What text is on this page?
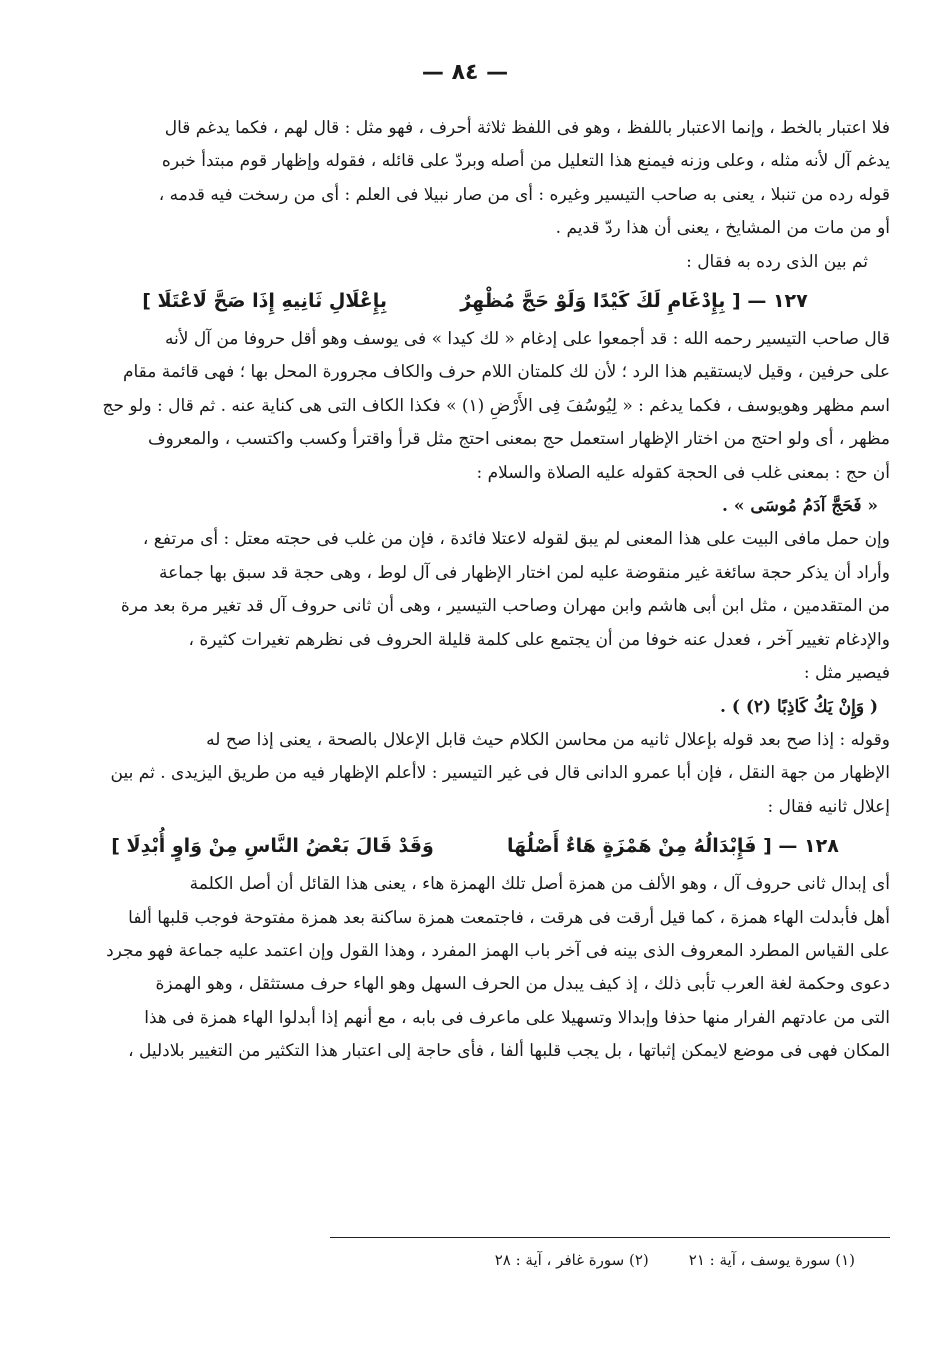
— ٨٤ —

فلا اعتبار بالخط ، وإنما الاعتبار باللفظ ، وهو فى اللفظ ثلاثة أحرف ، فهو مثل : قال لهم ، فكما يدغم قال

يدغم آل لأنه مثله ، وعلى وزنه فيمنع هذا التعليل من أصله وبردّ على قائله ، فقوله وإظهار قوم مبتدأ خبره

قوله رده من تنبلا ، يعنى به صاحب التيسير وغيره : أى من صار نبيلا فى العلم : أى من رسخت فيه قدمه ،

أو من مات من المشايخ ، يعنى أن هذا ردّ قديم .

ثم بين الذى رده به فقال :

١٢٧ — [ بِإِدْغَامِ لَكَ كَيْدًا وَلَوْ حَجَّ مُظْهِرٌ  بِإِعْلَالِ ثَانِيهِ إِذَا صَحَّ لَاعْتَلَا ]

قال صاحب التيسير رحمه الله : قد أجمعوا على إدغام « لك كيدا » فى يوسف وهو أقل حروفا من آل لأنه

على حرفين ، وقيل لايستقيم هذا الرد ؛ لأن لك كلمتان اللام حرف والكاف مجرورة المحل بها ؛ فهى قائمة مقام

اسم مظهر وهويوسف ، فكما يدغم : « لِيُوسُفَ فِى الأَرْضِ (١) » فكذا الكاف التى هى كناية عنه . ثم قال : ولو حج

مظهر ، أى ولو احتج من اختار الإظهار استعمل حج بمعنى احتج مثل قرأ واقترأ وكسب واكتسب ، والمعروف

أن حج : بمعنى غلب فى الحجة كقوله عليه الصلاة والسلام :

« فَحَجَّ آدَمُ مُوسَى » .

وإن حمل مافى البيت على هذا المعنى لم يبق لقوله لاعتلا فائدة ، فإن من غلب فى حجته معتل : أى مرتفع ،

وأراد أن يذكر حجة سائغة غير منقوضة عليه لمن اختار الإظهار فى آل لوط ، وهى حجة قد سبق بها جماعة

من المتقدمين ، مثل ابن أبى هاشم وابن مهران وصاحب التيسير ، وهى أن ثانى حروف آل قد تغير مرة بعد مرة

والإدغام تغيير آخر ، فعدل عنه خوفا من أن يجتمع على كلمة قليلة الحروف فى نظرهم تغيرات كثيرة ،

فيصير مثل :

( وَإِنْ يَكُ كَاذِبًا (٢) ) .

وقوله : إذا صح بعد قوله بإعلال ثانيه من محاسن الكلام حيث قابل الإعلال بالصحة ، يعنى إذا صح له

الإظهار من جهة النقل ، فإن أبا عمرو الدانى قال فى غير التيسير : لاأعلم الإظهار فيه من طريق اليزيدى . ثم بين

إعلال ثانيه فقال :

١٢٨ — [ فَإِبْدَالُهُ مِنْ هَمْزَةٍ هَاءٌ أَصْلُهَا  وَقَدْ قَالَ بَعْضُ النَّاسِ مِنْ وَاوٍ أُبْدِلَا ]

أى إبدال ثانى حروف آل ، وهو الألف من همزة أصل تلك الهمزة هاء ، يعنى هذا القائل أن أصل الكلمة

أهل فأبدلت الهاء همزة ، كما قيل أرقت فى هرقت ، فاجتمعت همزة ساكنة بعد همزة مفتوحة فوجب قلبها ألفا

على القياس المطرد المعروف الذى بينه فى آخر باب الهمز المفرد ، وهذا القول وإن اعتمد عليه جماعة فهو مجرد

دعوى وحكمة لغة العرب تأبى ذلك ، إذ كيف يبدل من الحرف السهل وهو الهاء حرف مستثقل ، وهو الهمزة

التى من عادتهم الفرار منها حذفا وإبدالا وتسهيلا على ماعرف فى بابه ، مع أنهم إذا أبدلوا الهاء همزة فى هذا

المكان فهى فى موضع لايمكن إثباتها ، بل يجب قلبها ألفا ، فأى حاجة إلى اعتبار هذا التكثير من التغيير بلادليل ،

(١) سورة يوسف ، آية : ٢١
(٢) سورة غافر ، آية : ٢٨
